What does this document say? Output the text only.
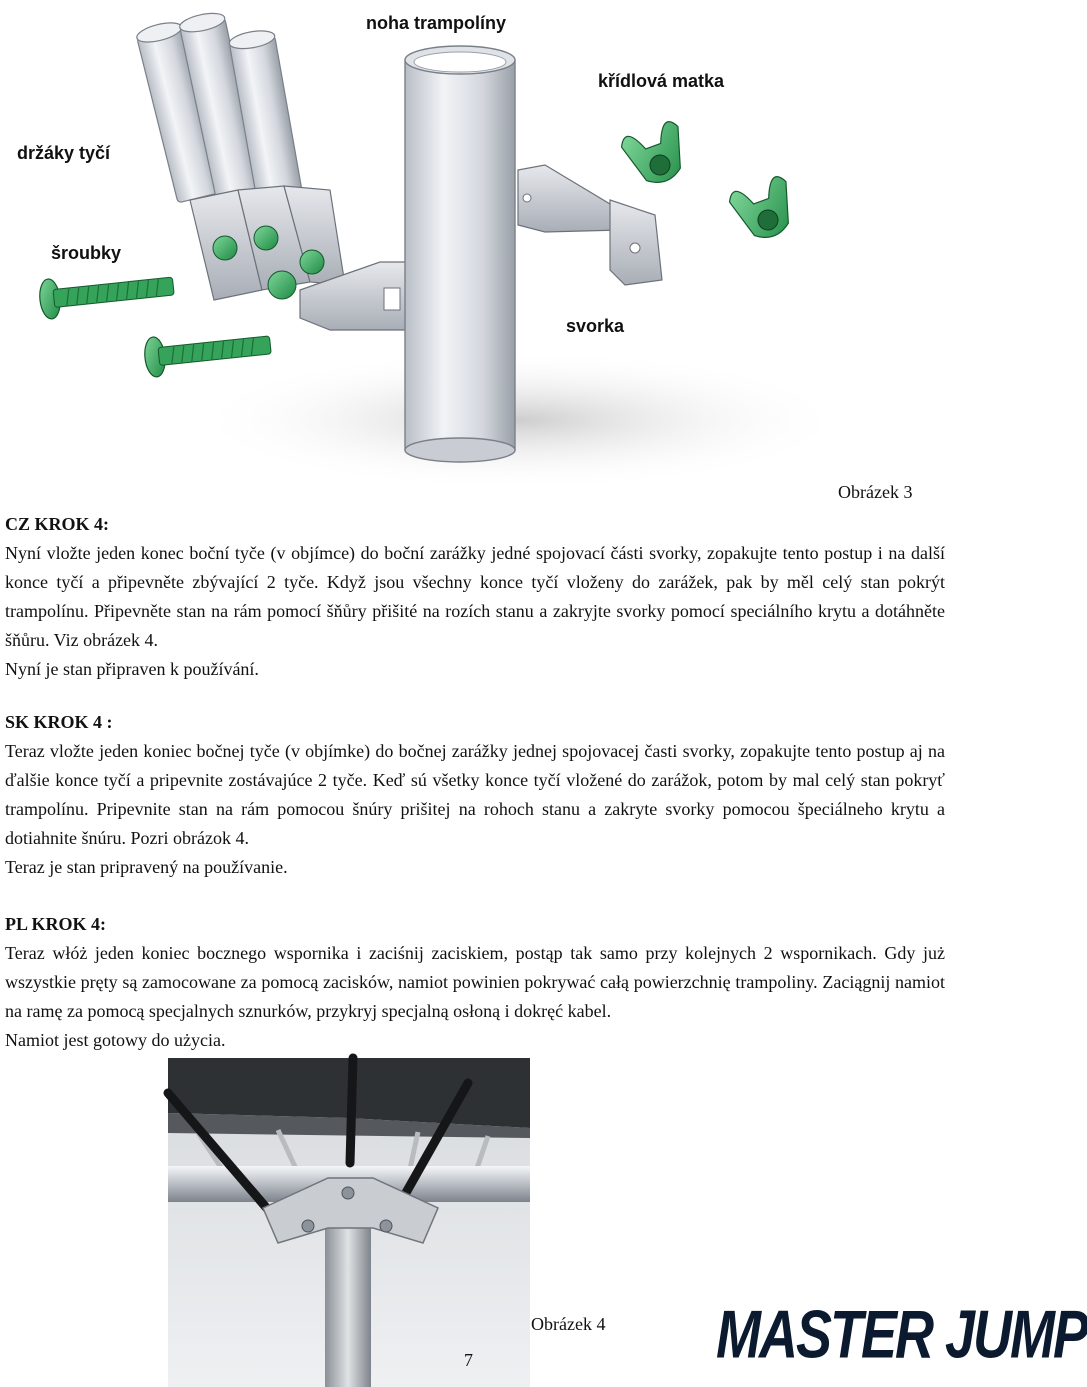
noha trampolíny
křídlová matka
držáky tyčí
šroubky
svorka
Obrázek 3
CZ KROK 4:

Nyní vložte jeden konec boční tyče (v objímce) do boční zarážky jedné spojovací části svorky, zopakujte tento postup i na další konce tyčí a připevněte zbývající 2 tyče. Když jsou všechny konce tyčí vloženy do zarážek, pak by měl celý stan pokrýt trampolínu. Připevněte stan na rám pomocí šňůry přišité na rozích stanu a zakryjte svorky pomocí speciálního krytu a dotáhněte šňůru. Viz obrázek 4.

Nyní je stan připraven k používání.

SK KROK 4 :

Teraz vložte jeden koniec bočnej tyče (v objímke) do bočnej zarážky jednej spojovacej časti svorky, zopakujte tento postup aj na ďalšie konce tyčí a pripevnite zostávajúce 2 tyče. Keď sú všetky konce tyčí vložené do zarážok, potom by mal celý stan pokryť trampolínu. Pripevnite stan na rám pomocou šnúry prišitej na rohoch stanu a zakryte svorky pomocou špeciálneho krytu a dotiahnite šnúru. Pozri obrázok 4.

Teraz je stan pripravený na používanie.

PL KROK 4:

Teraz włóż jeden koniec bocznego wspornika i zaciśnij zaciskiem, postąp tak samo przy kolejnych 2 wspornikach. Gdy już wszystkie pręty są zamocowane za pomocą zacisków, namiot powinien pokrywać całą powierzchnię trampoliny. Zaciągnij namiot na ramę za pomocą specjalnych sznurków, przykryj specjalną osłoną i dokręć kabel.

Namiot jest gotowy do użycia.

Obrázek 4
7	MASTER JUMP
